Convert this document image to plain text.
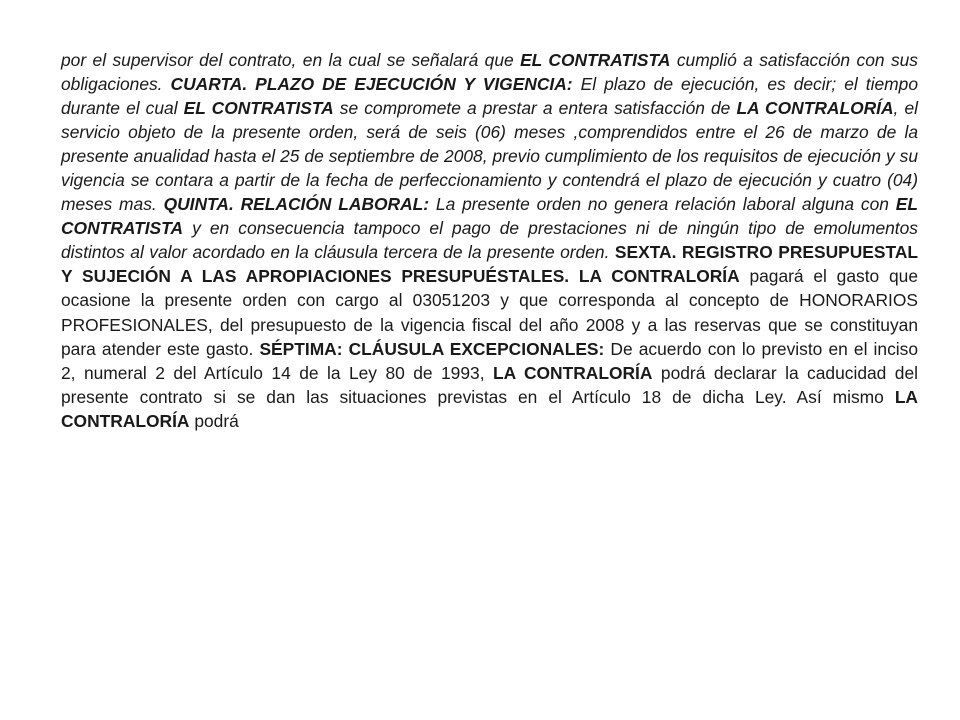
por el supervisor del contrato, en la cual se señalará que EL CONTRATISTA cumplió a satisfacción con sus obligaciones. CUARTA. PLAZO DE EJECUCIÓN Y VIGENCIA: El plazo de ejecución, es decir; el tiempo durante el cual EL CONTRATISTA se compromete a prestar a entera satisfacción de LA CONTRALORÍA, el servicio objeto de la presente orden, será de seis (06) meses ,comprendidos entre el 26 de marzo de la presente anualidad hasta el 25 de septiembre de 2008, previo cumplimiento de los requisitos de ejecución y su vigencia se contara a partir de la fecha de perfeccionamiento y contendrá el plazo de ejecución y cuatro (04) meses mas. QUINTA. RELACIÓN LABORAL: La presente orden no genera relación laboral alguna con EL CONTRATISTA y en consecuencia tampoco el pago de prestaciones ni de ningún tipo de emolumentos distintos al valor acordado en la cláusula tercera de la presente orden. SEXTA. REGISTRO PRESUPUESTAL Y SUJECIÓN A LAS APROPIACIONES PRESUPUÉSTALES. LA CONTRALORÍA pagará el gasto que ocasione la presente orden con cargo al 03051203 y que corresponda al concepto de HONORARIOS PROFESIONALES, del presupuesto de la vigencia fiscal del año 2008 y a las reservas que se constituyan para atender este gasto. SÉPTIMA: CLÁUSULA EXCEPCIONALES: De acuerdo con lo previsto en el inciso 2, numeral 2 del Artículo 14 de la Ley 80 de 1993, LA CONTRALORÍA podrá declarar la caducidad del presente contrato si se dan las situaciones previstas en el Artículo 18 de dicha Ley. Así mismo LA CONTRALORÍA podrá
